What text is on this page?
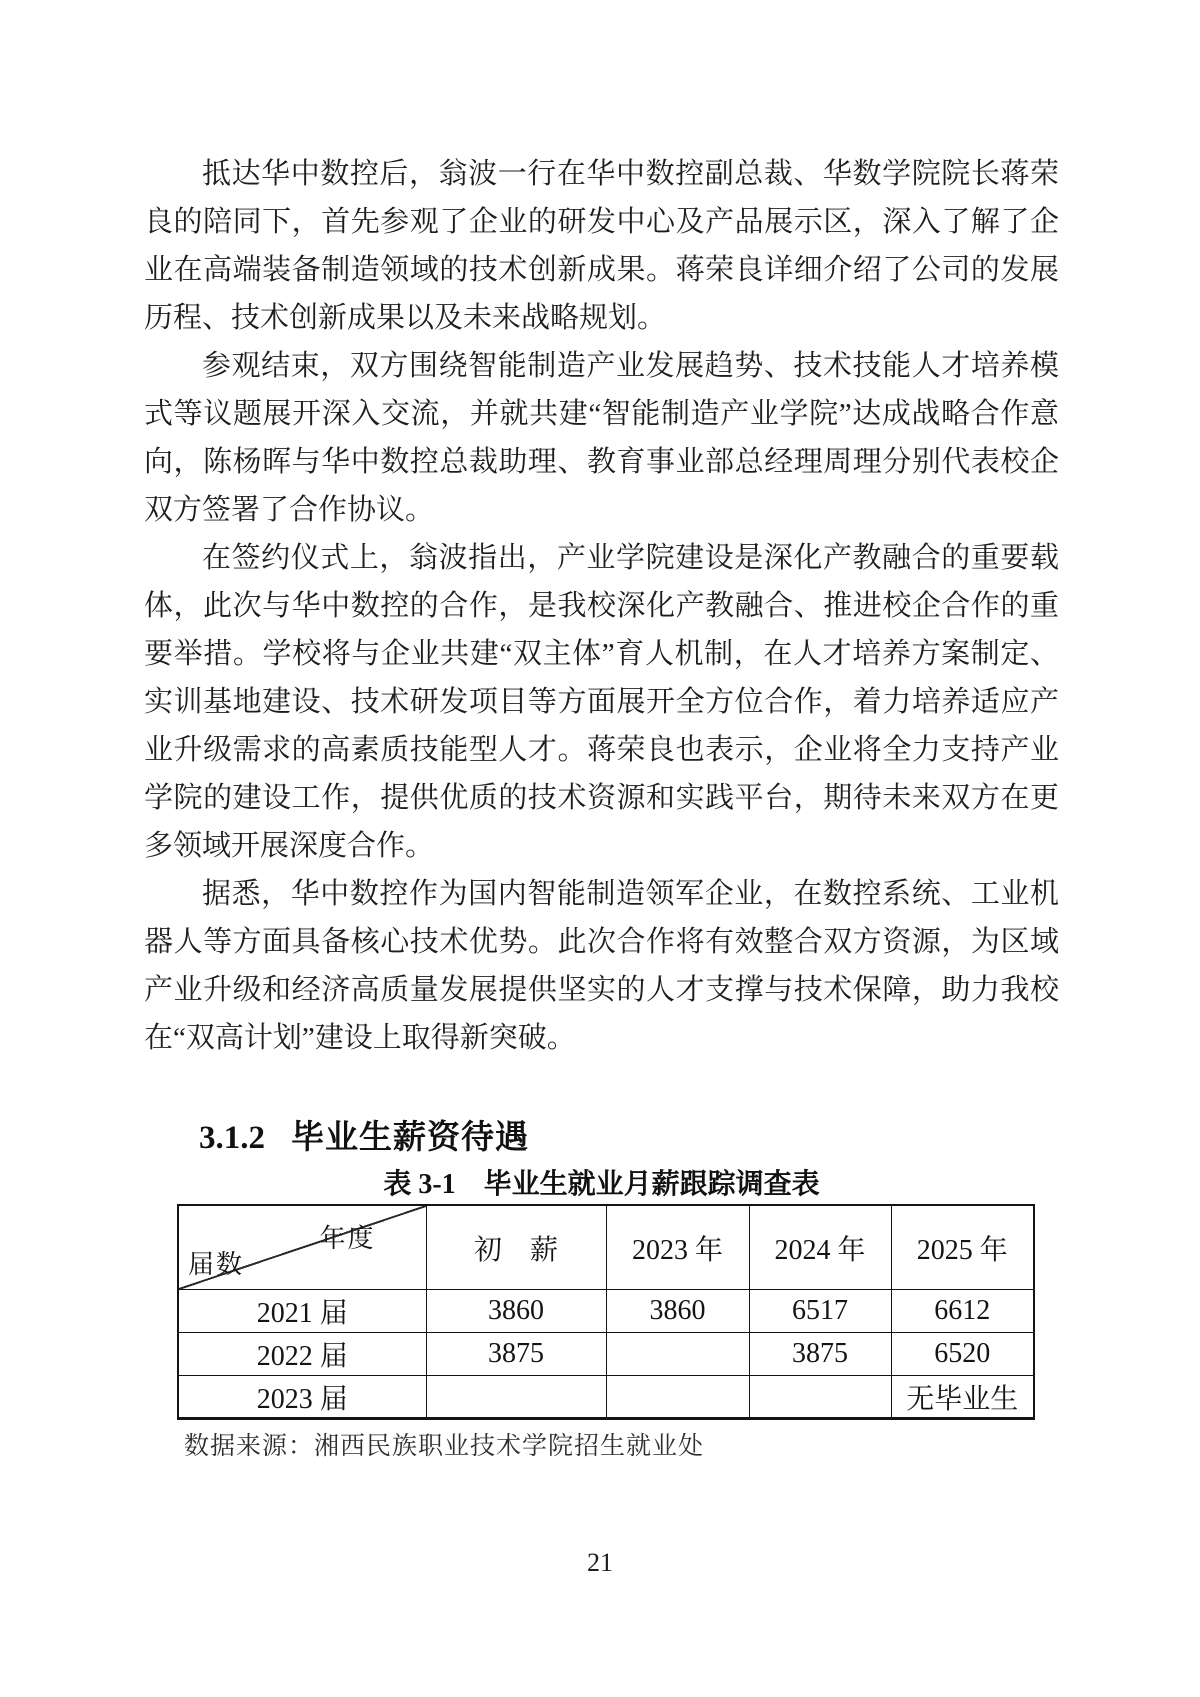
抵达华中数控后，翁波一行在华中数控副总裁、华数学院院长蒋荣良的陪同下，首先参观了企业的研发中心及产品展示区，深入了解了企业在高端装备制造领域的技术创新成果。蒋荣良详细介绍了公司的发展历程、技术创新成果以及未来战略规划。

参观结束，双方围绕智能制造产业发展趋势、技术技能人才培养模式等议题展开深入交流，并就共建“智能制造产业学院”达成战略合作意向，陈杨晖与华中数控总裁助理、教育事业部总经理周理分别代表校企双方签署了合作协议。

在签约仪式上，翁波指出，产业学院建设是深化产教融合的重要载体，此次与华中数控的合作，是我校深化产教融合、推进校企合作的重要举措。学校将与企业共建“双主体”育人机制，在人才培养方案制定、实训基地建设、技术研发项目等方面展开全方位合作，着力培养适应产业升级需求的高素质技能型人才。蒋荣良也表示，企业将全力支持产业学院的建设工作，提供优质的技术资源和实践平台，期待未来双方在更多领域开展深度合作。

据悉，华中数控作为国内智能制造领军企业，在数控系统、工业机器人等方面具备核心技术优势。此次合作将有效整合双方资源，为区域产业升级和经济高质量发展提供坚实的人才支撑与技术保障，助力我校在“双高计划”建设上取得新突破。

3.1.2 毕业生薪资待遇
表 3-1　毕业生就业月薪跟踪调查表
年度
届数	初　薪	2023 年	2024 年	2025 年
2021 届	3860	3860	6517	6612
2022 届	3875		3875	6520
2023 届				无毕业生
数据来源：湘西民族职业技术学院招生就业处
21
